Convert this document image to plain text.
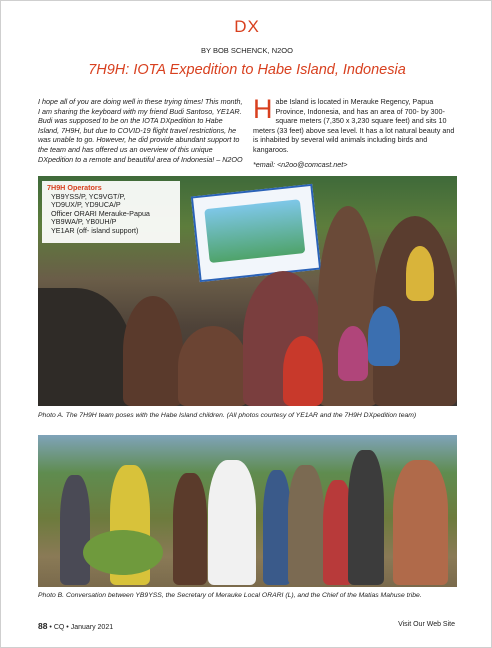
DX
BY BOB SCHENCK, N2OO
7H9H: IOTA Expedition to Habe Island, Indonesia
I hope all of you are doing well in these trying times! This month, I am sharing the keyboard with my friend Budi Santoso, YE1AR. Budi was supposed to be on the IOTA DXpedition to Habe Island, 7H9H, but due to COVID-19 flight travel restrictions, he was unable to go. However, he did provide abundant support to the team and has offered us an overview of this unique DXpedition to a remote and beautiful area of Indonesia! – N2OO
H abe Island is located in Merauke Regency, Papua Province, Indonesia, and has an area of 700- by 300-square meters (7,350 x 3,230 square feet) and sits 10 meters (33 feet) above sea level. It has a lot natural beauty and is inhabited by several wild animals including birds and kangaroos.
*email: <n2oo@comcast.net>
7H9H Operators
YB9YSS/P, YC9VGT/P,
YD9UX/P, YD9UCA/P
Officer ORARI Merauke-Papua
YB9WA/P, YB0UH/P
YE1AR (off- island support)
Photo A. The 7H9H team poses with the Habe Island children. (All photos courtesy of YE1AR and the 7H9H DXpedition team)
Photo B. Conversation between YB9YSS, the Secretary of Merauke Local ORARI (L), and the Chief of the Matias Mahuse tribe.
88 • CQ • January 2021	Visit Our Web Site
